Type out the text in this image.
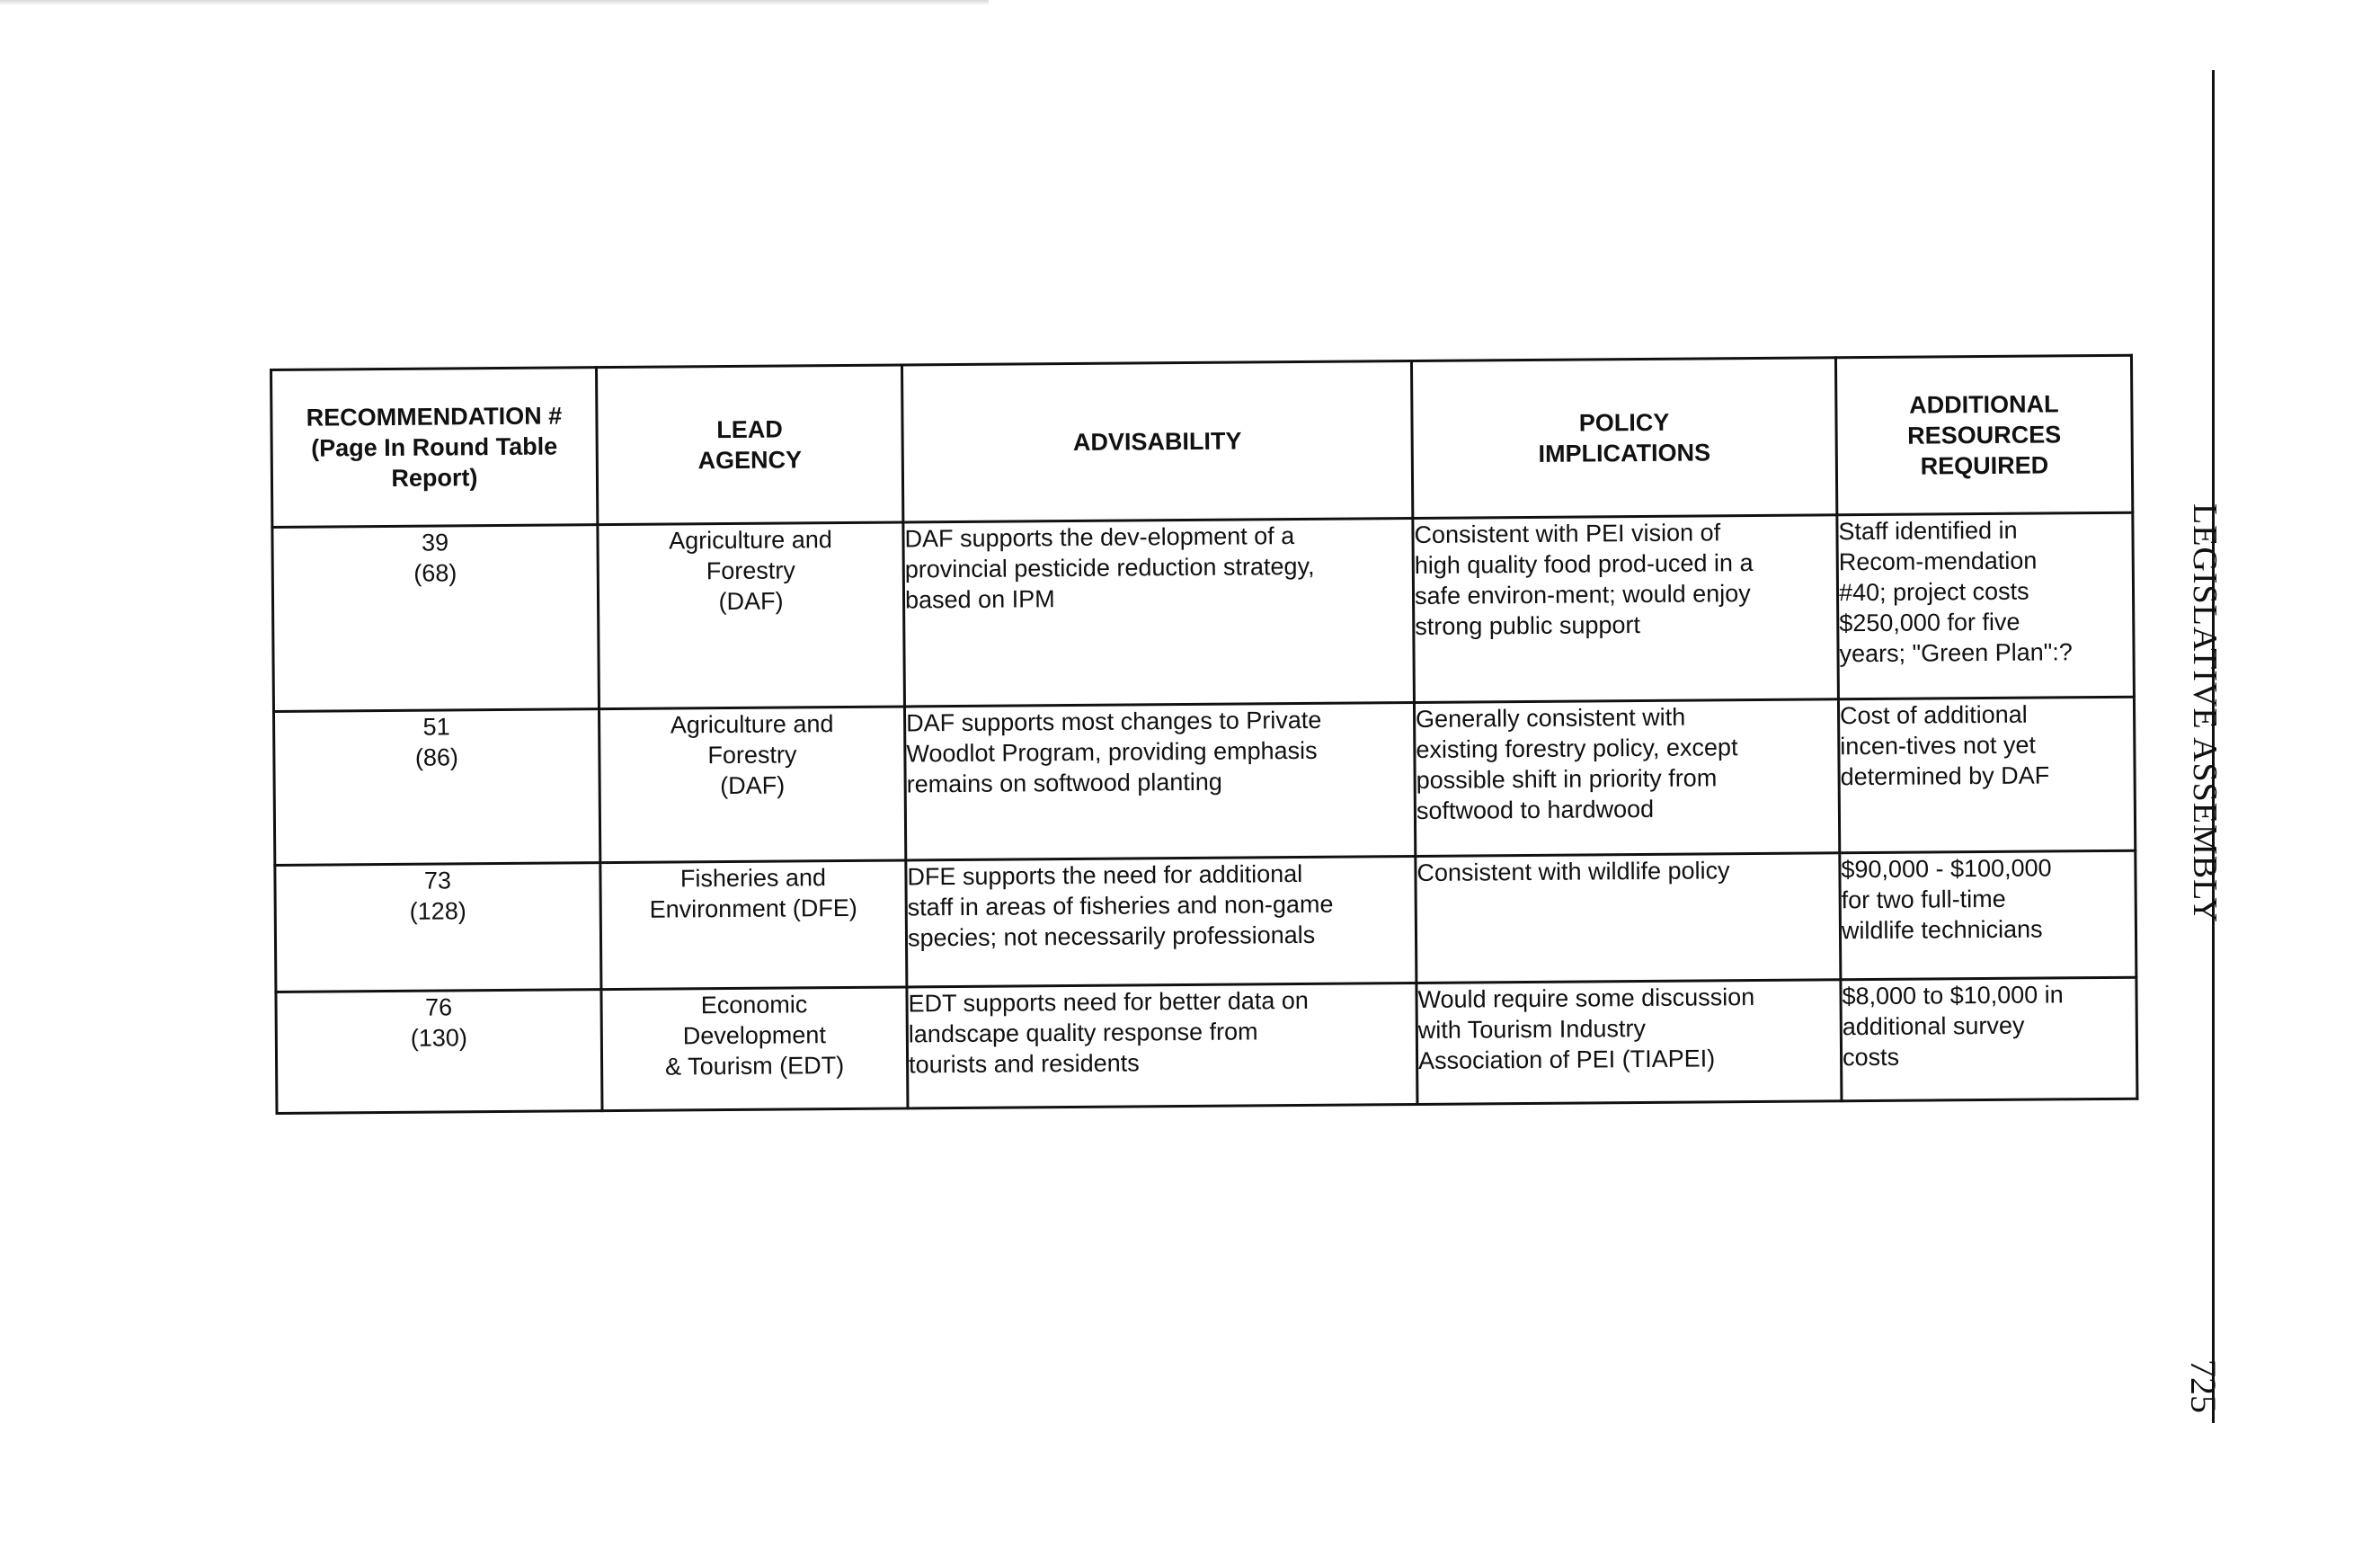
RECOMMENDATION #
(Page In Round Table
Report)	LEAD
AGENCY	ADVISABILITY	POLICY
IMPLICATIONS	ADDITIONAL
RESOURCES
REQUIRED
39
(68)	Agriculture and
Forestry
(DAF)	DAF supports the dev-elopment of a
provincial pesticide reduction strategy,
based on IPM	Consistent with PEI vision of
high quality food prod-uced in a
safe environ-ment; would enjoy
strong public support	Staff identified in
Recom-mendation
#40; project costs
$250,000 for five
years; "Green Plan":?
51
(86)	Agriculture and
Forestry
(DAF)	DAF supports most changes to Private
Woodlot Program, providing emphasis
remains on softwood planting	Generally consistent with
existing forestry policy, except
possible shift in priority from
softwood to hardwood	Cost of additional
incen-tives not yet
determined by DAF
73
(128)	Fisheries and
Environment (DFE)	DFE supports the need for additional
staff in areas of fisheries and non-game
species; not necessarily professionals	Consistent with wildlife policy	$90,000 - $100,000
for two full-time
wildlife technicians
76
(130)	Economic
Development
& Tourism (EDT)	EDT supports need for better data on
landscape quality response from
tourists and residents	Would require some discussion
with Tourism Industry
Association of PEI (TIAPEI)	$8,000 to $10,000 in
additional survey
costs
LEGISLATIVE ASSEMBLY
725
